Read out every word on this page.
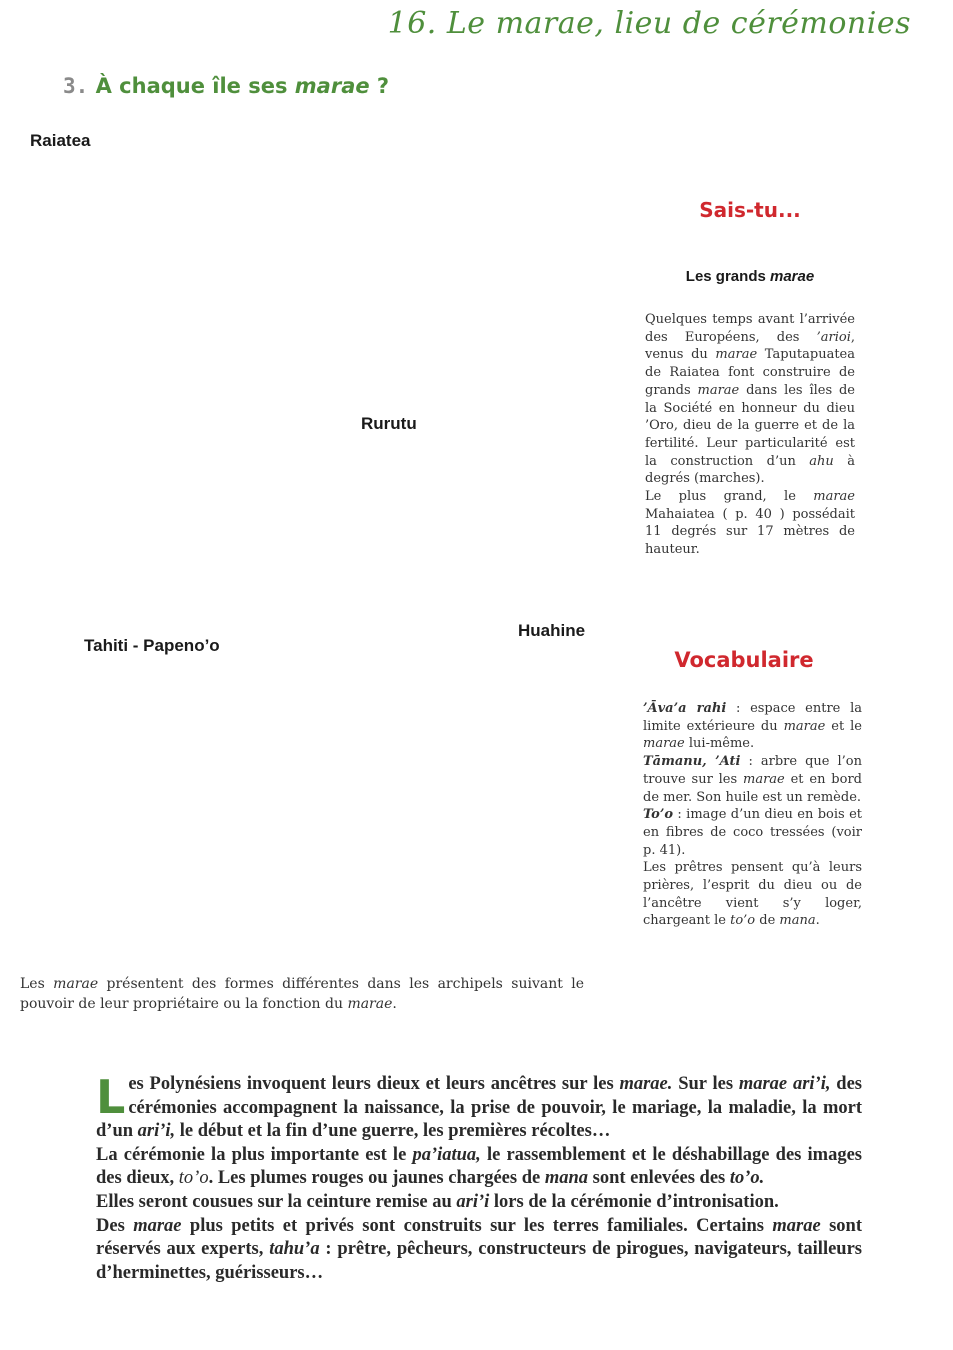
16. Le marae, lieu de cérémonies
3. À chaque île ses marae ?
Raiatea
Rurutu
Tahiti - Papeno’o
Huahine
Sais-tu...
Les grands marae

Quelques temps avant l’arrivée des Européens, des ’arioi, venus du marae Taputapuatea de Raiatea font construire de grands marae dans les îles de la Société en honneur du dieu ’Oro, dieu de la guerre et de la fertilité. Leur particularité est la construction d’un ahu à degrés (marches).

Le plus grand, le marae Mahaiatea ( p. 40 ) possédait 11 degrés sur 17 mètres de hauteur.

Vocabulaire

’Āva’a rahi : espace entre la limite extérieure du marae et le marae lui-même.

Tāmanu, ’Ati : arbre que l’on trouve sur les marae et en bord de mer. Son huile est un remède.

To’o : image d’un dieu en bois et en fibres de coco tressées (voir p. 41).

Les prêtres pensent qu’à leurs prières, l’esprit du dieu ou de l’ancêtre vient s’y loger, chargeant le to’o de mana.

Les marae présentent des formes différentes dans les archipels suivant le pouvoir de leur propriétaire ou la fonction du marae.

Les Polynésiens invoquent leurs dieux et leurs ancêtres sur les marae. Sur les marae ari’i, des cérémonies accompagnent la naissance, la prise de pouvoir, le mariage, la maladie, la mort d’un ari’i, le début et la fin d’une guerre, les premières récoltes…

La cérémonie la plus importante est le pa’iatua, le rassemblement et le déshabillage des images des dieux, to’o. Les plumes rouges ou jaunes chargées de mana sont enlevées des to’o.

Elles seront cousues sur la ceinture remise au ari’i lors de la cérémonie d’intronisation.

Des marae plus petits et privés sont construits sur les terres familiales. Certains marae sont réservés aux experts, tahu’a : prêtre, pêcheurs, constructeurs de pirogues, navigateurs, tailleurs d’herminettes, guérisseurs…
